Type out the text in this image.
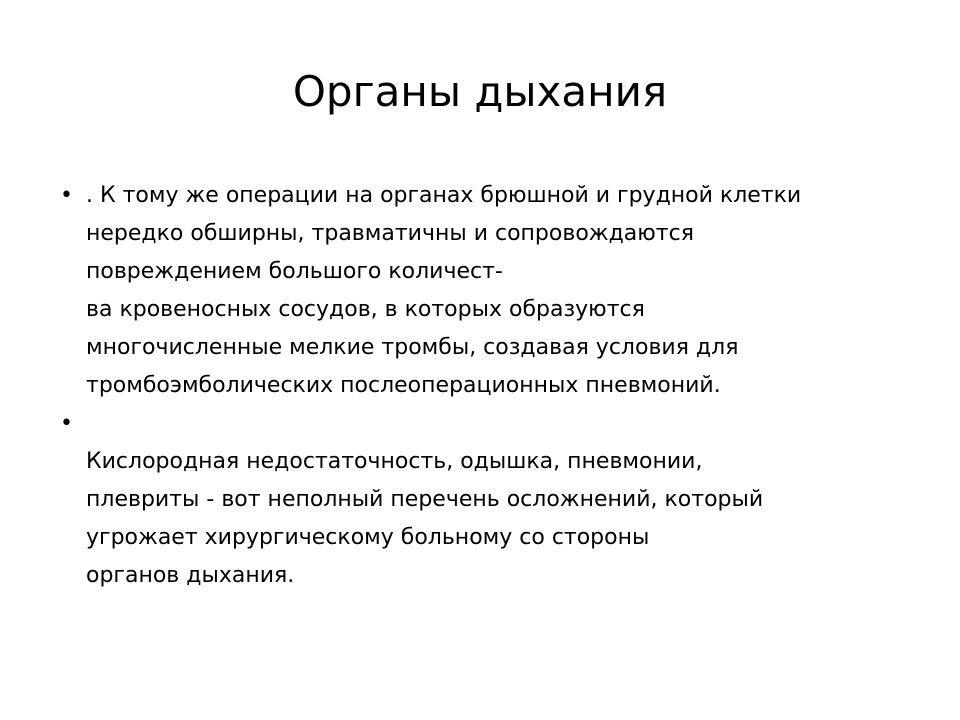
Органы дыхания
• . К тому же операции на органах брюшной и грудной клетки
нередко обширны, травматичны и сопровождаются
повреждением большого количест-
ва кровеносных сосудов, в которых образуются
многочисленные мелкие тромбы, создавая условия для
тромбоэмболических послеоперационных пневмоний.
•

Кислородная недостаточность, одышка, пневмонии,
плевриты - вот неполный перечень осложнений, который
угрожает хирургическому больному со стороны
органов дыхания.
